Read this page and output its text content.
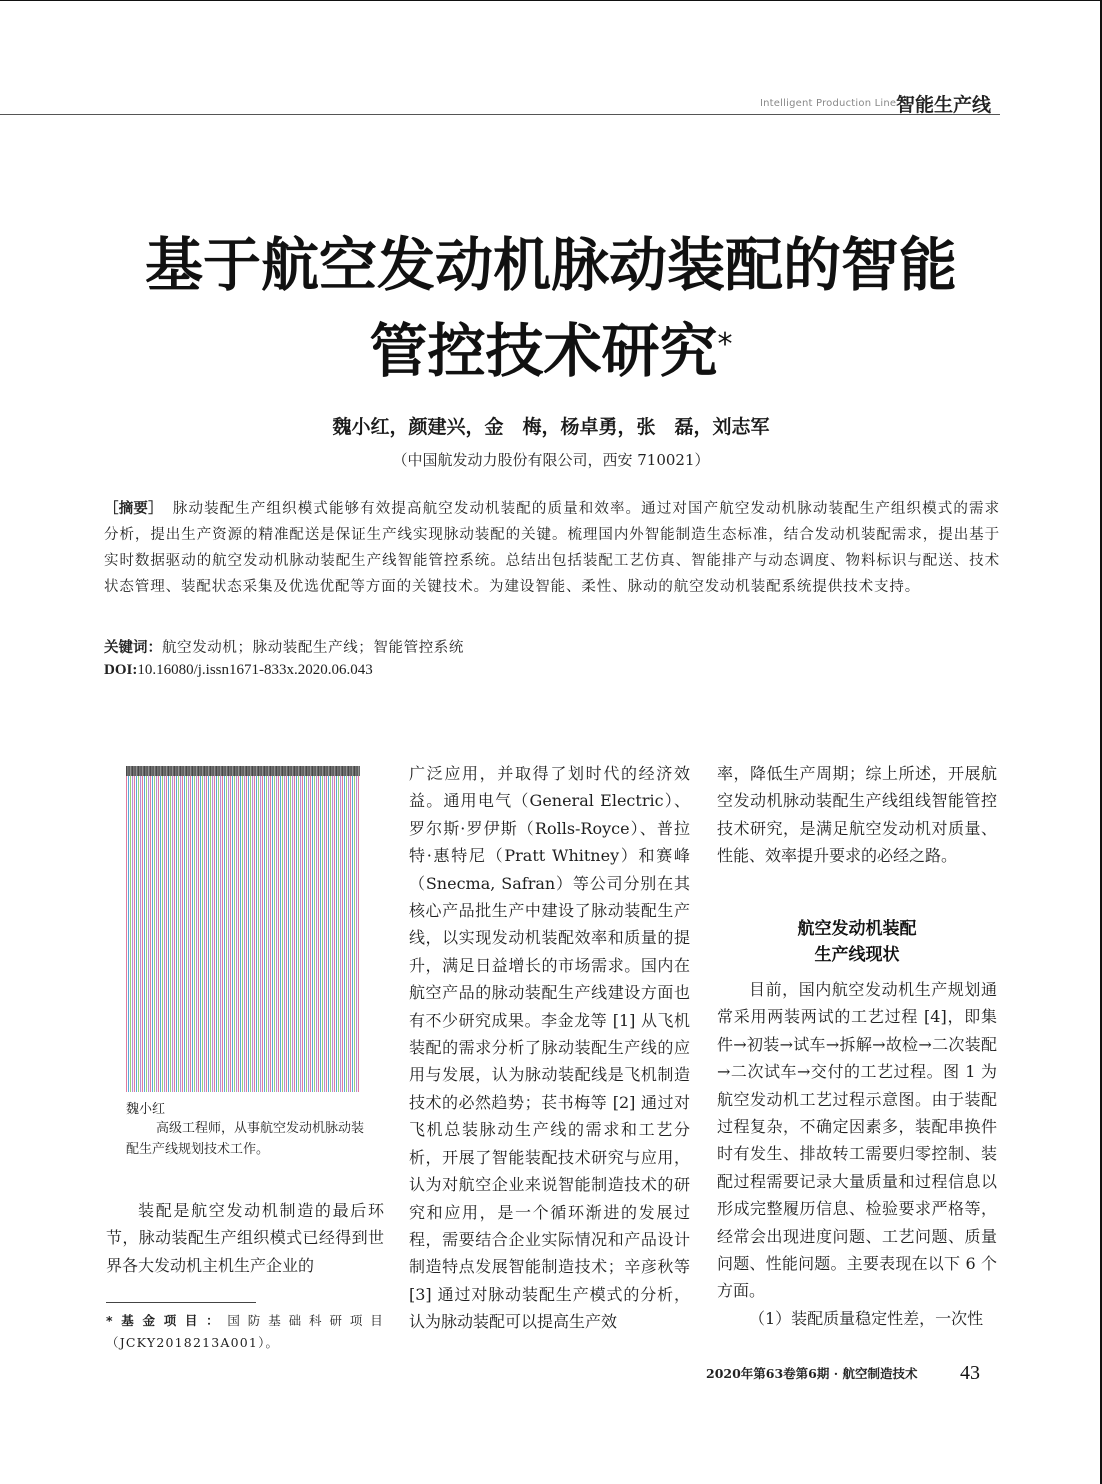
Intelligent Production Line 智能生产线
基于航空发动机脉动装配的智能
管控技术研究*
魏小红，颜建兴，金　梅，杨卓勇，张　磊，刘志军
（中国航发动力股份有限公司，西安 710021）
［摘要］ 脉动装配生产组织模式能够有效提高航空发动机装配的质量和效率。通过对国产航空发动机脉动装配生产组织模式的需求分析，提出生产资源的精准配送是保证生产线实现脉动装配的关键。梳理国内外智能制造生态标准，结合发动机装配需求，提出基于实时数据驱动的航空发动机脉动装配生产线智能管控系统。总结出包括装配工艺仿真、智能排产与动态调度、物料标识与配送、技术状态管理、装配状态采集及优选优配等方面的关键技术。为建设智能、柔性、脉动的航空发动机装配系统提供技术支持。
关键词：航空发动机；脉动装配生产线；智能管控系统
DOI:10.16080/j.issn1671-833x.2020.06.043
魏小红
高级工程师，从事航空发动机脉动装配生产线规划技术工作。

装配是航空发动机制造的最后环节，脉动装配生产组织模式已经得到世界各大发动机主机生产企业的

广泛应用，并取得了划时代的经济效益。通用电气（General Electric）、罗尔斯·罗伊斯（Rolls-Royce）、普拉特·惠特尼（Pratt Whitney）和赛峰（Snecma, Safran）等公司分别在其核心产品批生产中建设了脉动装配生产线，以实现发动机装配效率和质量的提升，满足日益增长的市场需求。国内在航空产品的脉动装配生产线建设方面也有不少研究成果。李金龙等 [1] 从飞机装配的需求分析了脉动装配生产线的应用与发展，认为脉动装配线是飞机制造技术的必然趋势；苌书梅等 [2] 通过对飞机总装脉动生产线的需求和工艺分析，开展了智能装配技术研究与应用，认为对航空企业来说智能制造技术的研究和应用，是一个循环渐进的发展过程，需要结合企业实际情况和产品设计制造特点发展智能制造技术；辛彦秋等 [3] 通过对脉动装配生产模式的分析，认为脉动装配可以提高生产效

率，降低生产周期；综上所述，开展航空发动机脉动装配生产线组线智能管控技术研究，是满足航空发动机对质量、性能、效率提升要求的必经之路。

航空发动机装配
生产线现状

目前，国内航空发动机生产规划通常采用两装两试的工艺过程 [4]，即集件→初装→试车→拆解→故检→二次装配→二次试车→交付的工艺过程。图 1 为航空发动机工艺过程示意图。由于装配过程复杂，不确定因素多，装配串换件时有发生、排故转工需要归零控制、装配过程需要记录大量质量和过程信息以形成完整履历信息、检验要求严格等，经常会出现进度问题、工艺问题、质量问题、性能问题。主要表现在以下 6 个方面。

（1）装配质量稳定性差，一次性

*基金项目：国防基础科研项目（JCKY2018213A001）。
2020年第63卷第6期 · 航空制造技术 43
